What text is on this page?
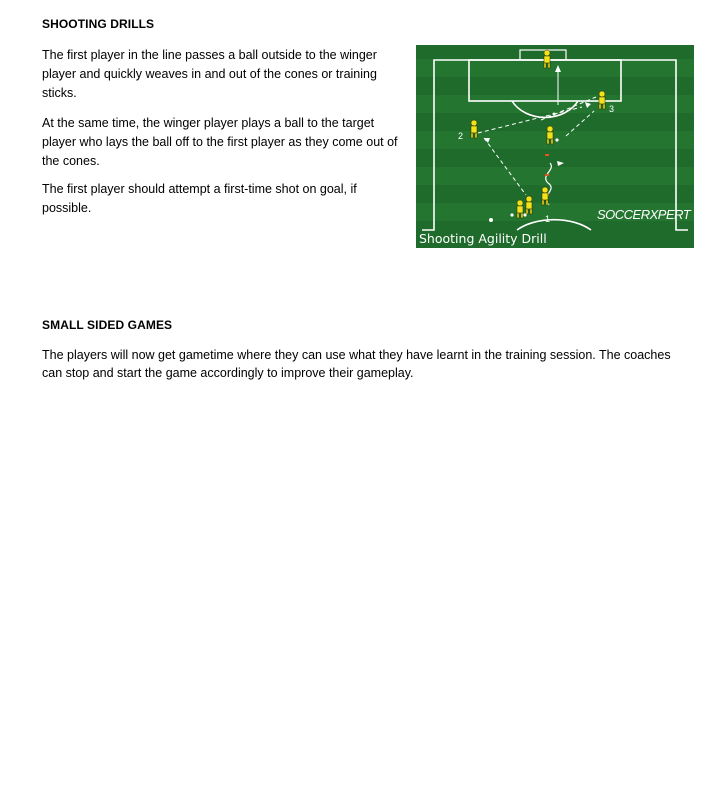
SHOOTING DRILLS

The first player in the line passes a ball outside to the winger player and quickly weaves in and out of the cones or training sticks.

At the same time, the winger player plays a ball to the target player who lays the ball off to the first player as they come out of the cones.

The first player should attempt a first-time shot on goal, if possible.

2
3
1
Shooting Agility Drill
SOCCERXPERT
SMALL SIDED GAMES

The players will now get gametime where they can use what they have learnt in the training session. The coaches can stop and start the game accordingly to improve their gameplay.
